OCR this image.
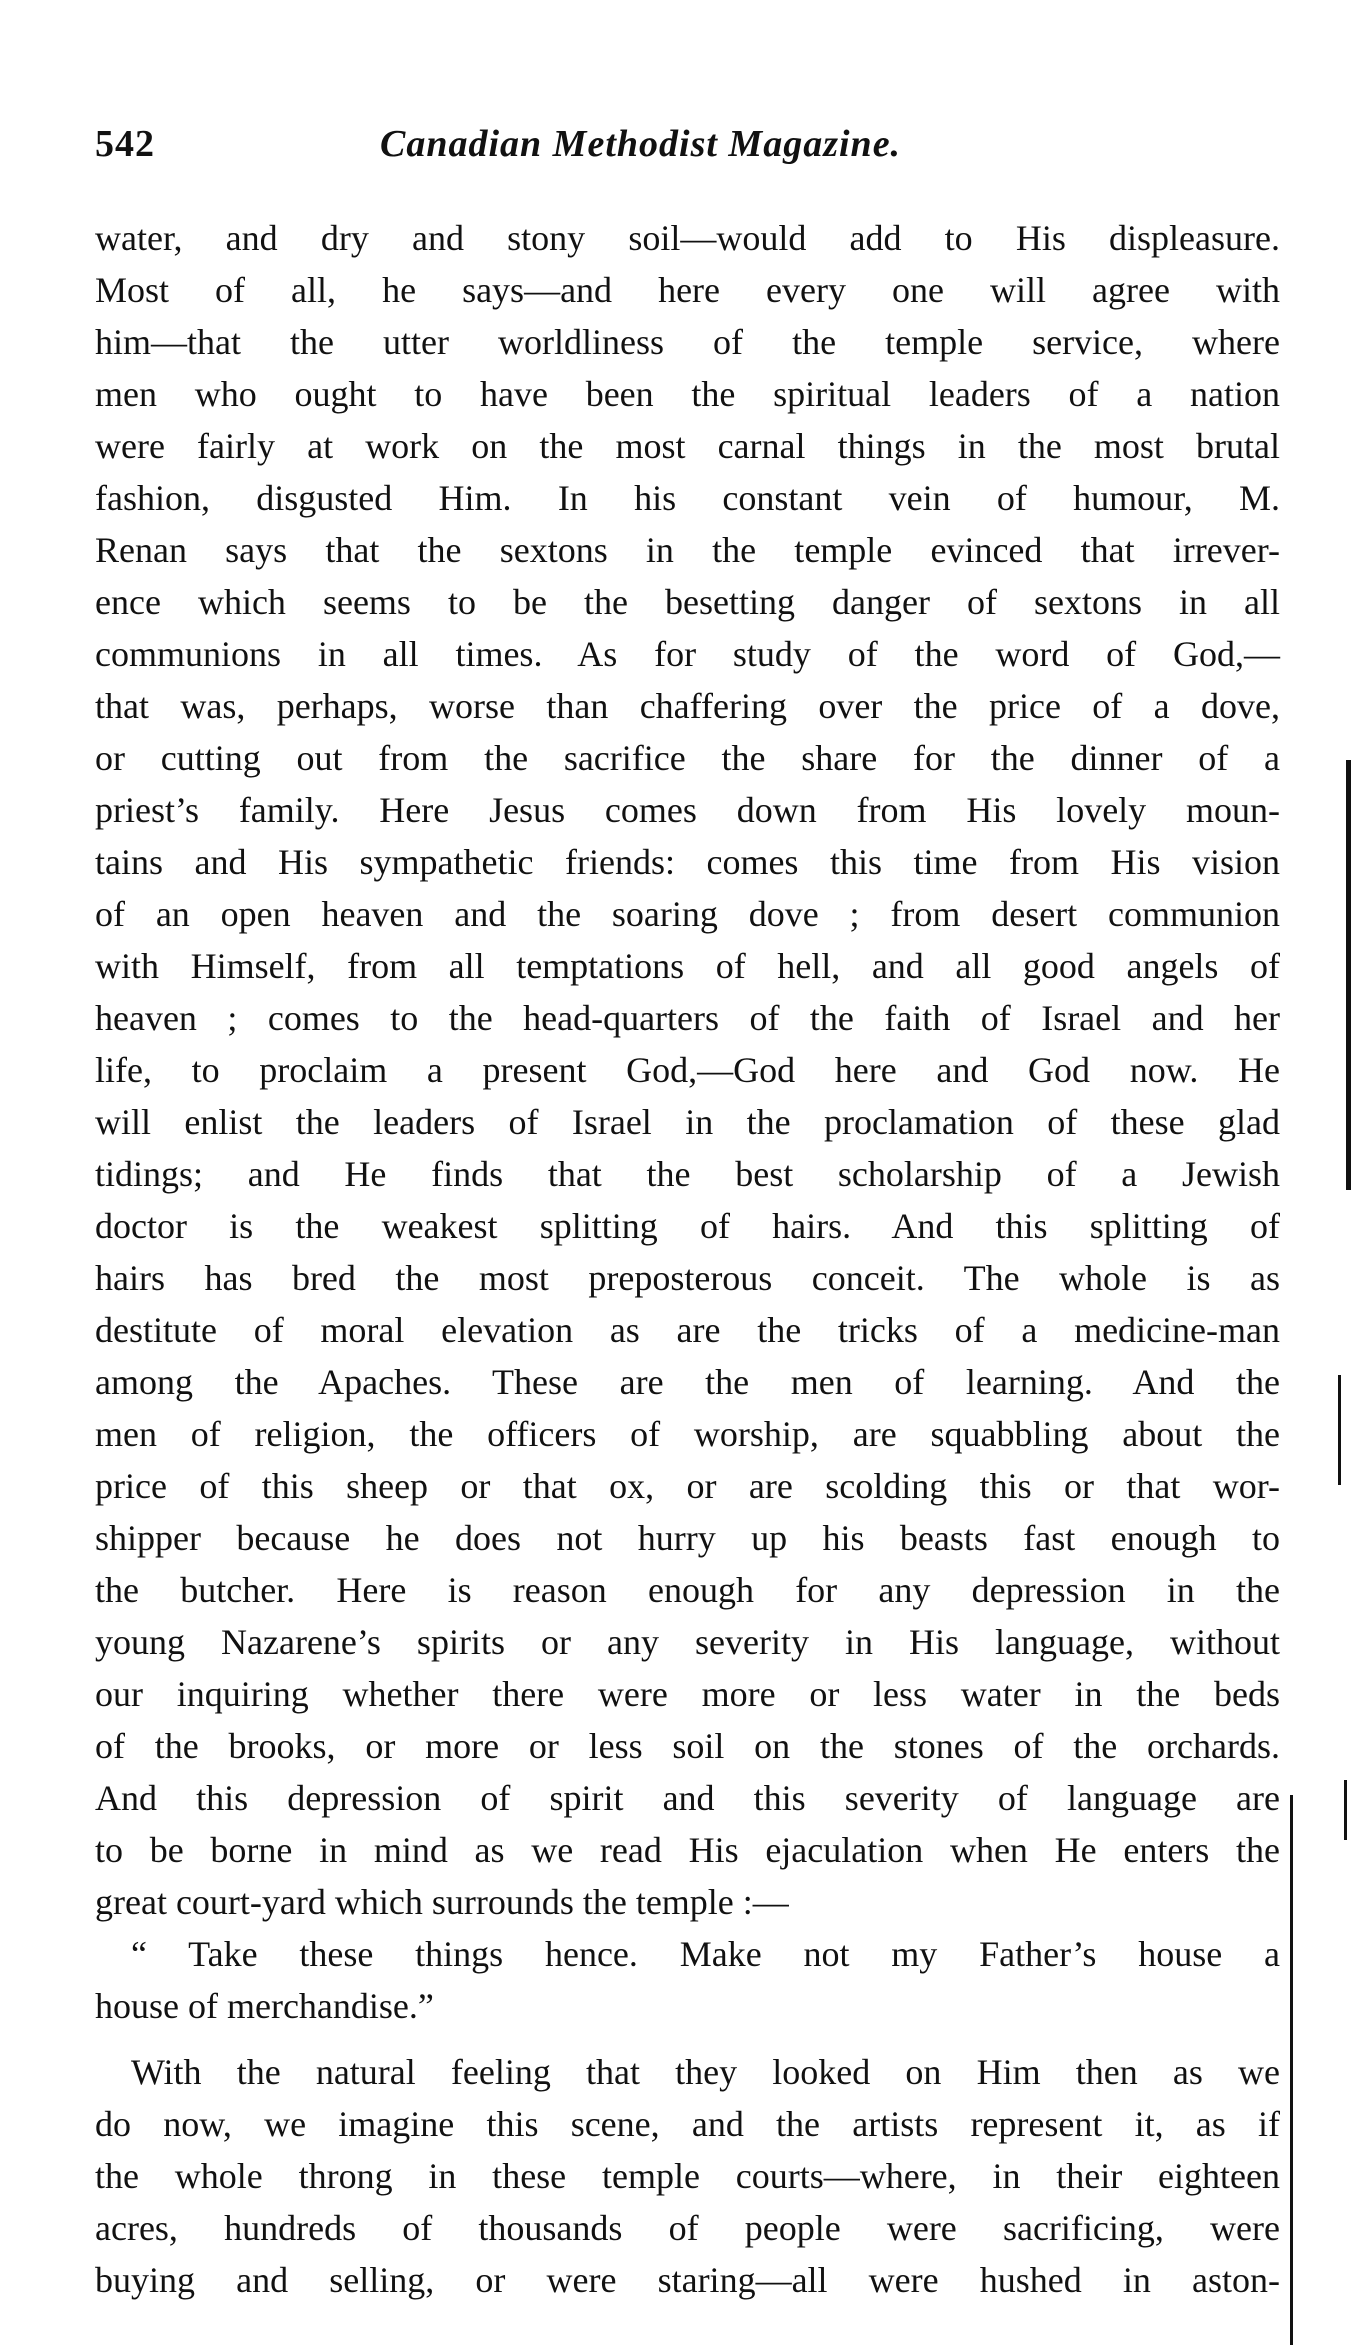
542	Canadian Methodist Magazine.
water, and dry and stony soil—would add to His displeasure.
Most of all, he says—and here every one will agree with
him—that the utter worldliness of the temple service, where
men who ought to have been the spiritual leaders of a nation
were fairly at work on the most carnal things in the most brutal
fashion, disgusted Him. In his constant vein of humour, M.
Renan says that the sextons in the temple evinced that irrever-
ence which seems to be the besetting danger of sextons in all
communions in all times. As for study of the word of God,—
that was, perhaps, worse than chaffering over the price of a dove,
or cutting out from the sacrifice the share for the dinner of a
priest’s family. Here Jesus comes down from His lovely moun-
tains and His sympathetic friends: comes this time from His vision
of an open heaven and the soaring dove ; from desert communion
with Himself, from all temptations of hell, and all good angels of
heaven ; comes to the head-quarters of the faith of Israel and her
life, to proclaim a present God,—God here and God now. He
will enlist the leaders of Israel in the proclamation of these glad
tidings; and He finds that the best scholarship of a Jewish
doctor is the weakest splitting of hairs. And this splitting of
hairs has bred the most preposterous conceit. The whole is as
destitute of moral elevation as are the tricks of a medicine-man
among the Apaches. These are the men of learning. And the
men of religion, the officers of worship, are squabbling about the
price of this sheep or that ox, or are scolding this or that wor-
shipper because he does not hurry up his beasts fast enough to
the butcher. Here is reason enough for any depression in the
young Nazarene’s spirits or any severity in His language, without
our inquiring whether there were more or less water in the beds
of the brooks, or more or less soil on the stones of the orchards.
And this depression of spirit and this severity of language are
to be borne in mind as we read His ejaculation when He enters the
great court-yard which surrounds the temple :—
“ Take these things hence. Make not my Father’s house a
house of merchandise.”
With the natural feeling that they looked on Him then as we
do now, we imagine this scene, and the artists represent it, as if
the whole throng in these temple courts—where, in their eighteen
acres, hundreds of thousands of people were sacrificing, were
buying and selling, or were staring—all were hushed in aston-
